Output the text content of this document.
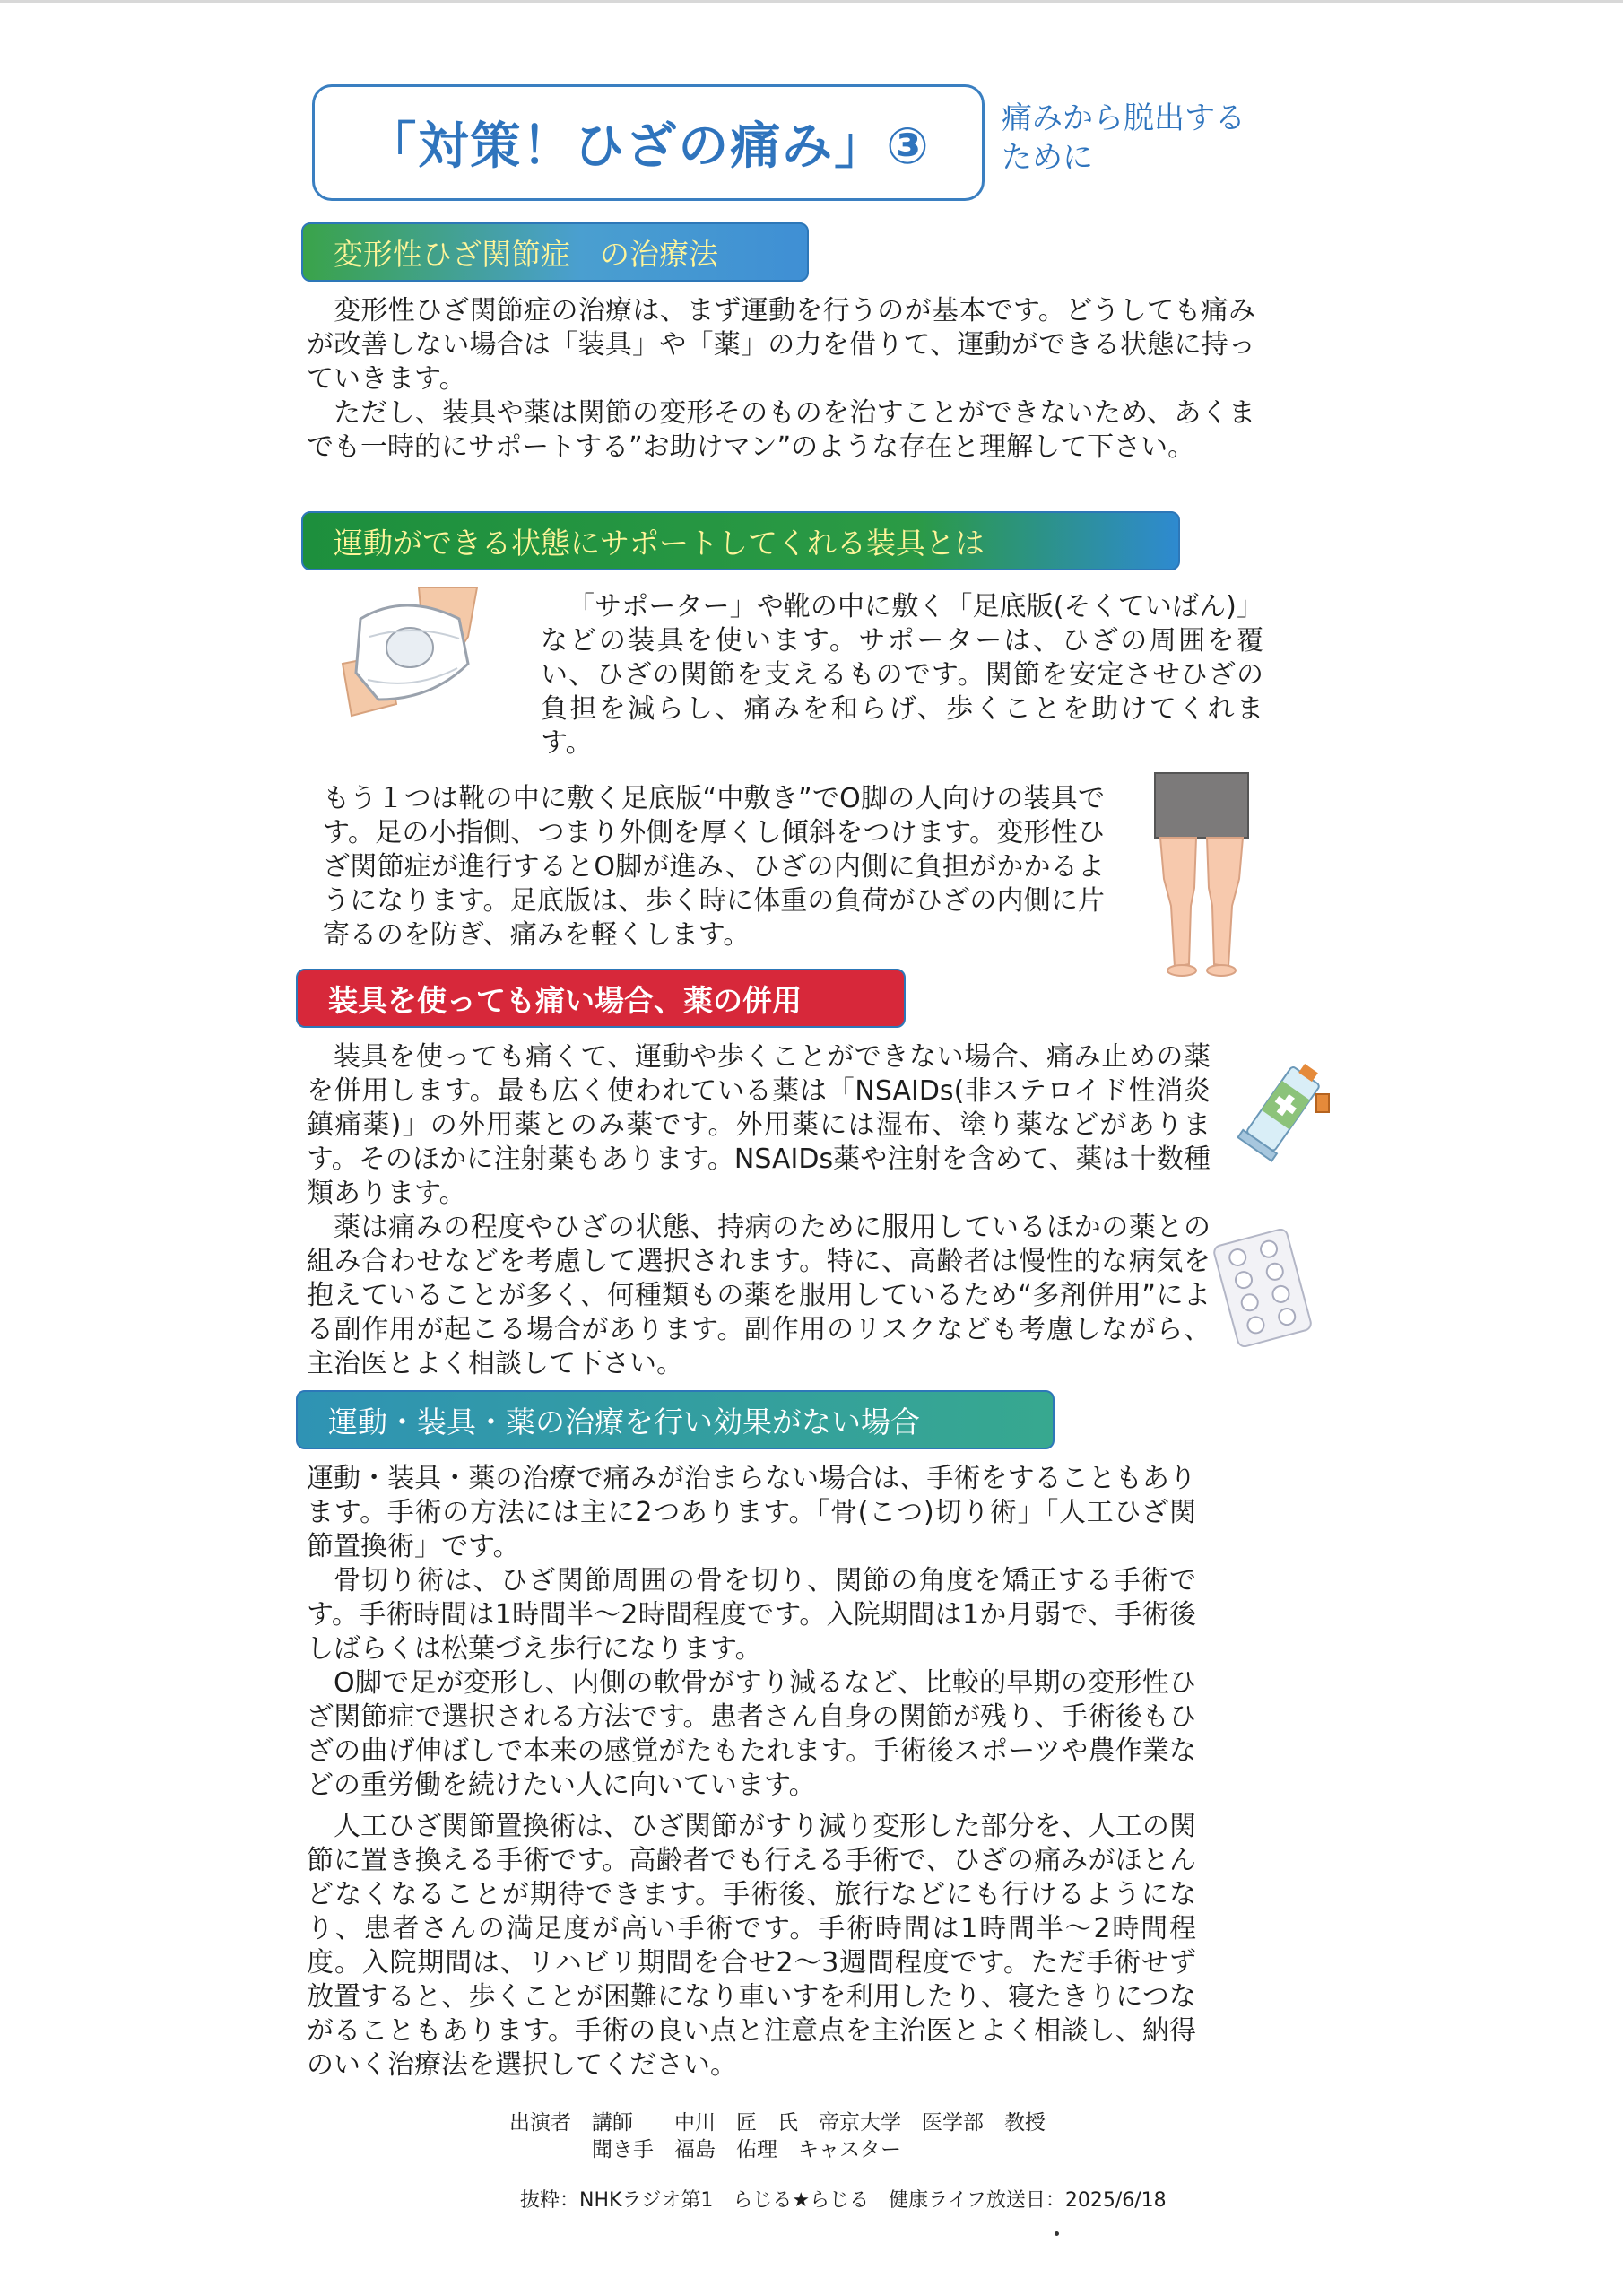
「対策！ひざの痛み」③ 痛みから脱出する
ために
変形性ひざ関節症　の治療法

変形性ひざ関節症の治療は、まず運動を行うのが基本です。どうしても痛みが改善しない場合は「装具」や「薬」の力を借りて、運動ができる状態に持っていきます。

ただし、装具や薬は関節の変形そのものを治すことができないため、あくまでも一時的にサポートする”お助けマン”のような存在と理解して下さい。

運動ができる状態にサポートしてくれる装具とは

「サポーター」や靴の中に敷く「足底版(そくていばん)」などの装具を使います。サポーターは、ひざの周囲を覆い、ひざの関節を支えるものです。関節を安定させひざの負担を減らし、痛みを和らげ、歩くことを助けてくれます。

もう１つは靴の中に敷く足底版“中敷き”でO脚の人向けの装具です。足の小指側、つまり外側を厚くし傾斜をつけます。変形性ひざ関節症が進行するとO脚が進み、ひざの内側に負担がかかるようになります。足底版は、歩く時に体重の負荷がひざの内側に片寄るのを防ぎ、痛みを軽くします。

装具を使っても痛い場合、薬の併用

装具を使っても痛くて、運動や歩くことができない場合、痛み止めの薬を併用します。最も広く使われている薬は「NSAIDs(非ステロイド性消炎鎮痛薬)」の外用薬とのみ薬です。外用薬には湿布、塗り薬などがあります。そのほかに注射薬もあります。NSAIDs薬や注射を含めて、薬は十数種類あります。

薬は痛みの程度やひざの状態、持病のために服用しているほかの薬との組み合わせなどを考慮して選択されます。特に、高齢者は慢性的な病気を抱えていることが多く、何種類もの薬を服用しているため“多剤併用”による副作用が起こる場合があります。副作用のリスクなども考慮しながら、主治医とよく相談して下さい。

運動・装具・薬の治療を行い効果がない場合

運動・装具・薬の治療で痛みが治まらない場合は、手術をすることもあります。手術の方法には主に2つあります。「骨(こつ)切り術」「人工ひざ関節置換術」です。

骨切り術は、ひざ関節周囲の骨を切り、関節の角度を矯正する手術です。手術時間は1時間半～2時間程度です。入院期間は1か月弱で、手術後しばらくは松葉づえ歩行になります。

O脚で足が変形し、内側の軟骨がすり減るなど、比較的早期の変形性ひざ関節症で選択される方法です。患者さん自身の関節が残り、手術後もひざの曲げ伸ばしで本来の感覚がたもたれます。手術後スポーツや農作業などの重労働を続けたい人に向いています。

人工ひざ関節置換術は、ひざ関節がすり減り変形した部分を、人工の関節に置き換える手術です。高齢者でも行える手術で、ひざの痛みがほとんどなくなることが期待できます。手術後、旅行などにも行けるようになり、患者さんの満足度が高い手術です。手術時間は1時間半～2時間程度。入院期間は、リハビリ期間を合せ2～3週間程度です。ただ手術せず放置すると、歩くことが困難になり車いすを利用したり、寝たきりにつながることもあります。手術の良い点と注意点を主治医とよく相談し、納得のいく治療法を選択してください。

出演者　講師　　中川　匠　氏　帝京大学　医学部　教授
　　　　聞き手　福島　佑理　キャスター
抜粋：NHKラジオ第1　らじる★らじる　健康ライフ放送日：2025/6/18
